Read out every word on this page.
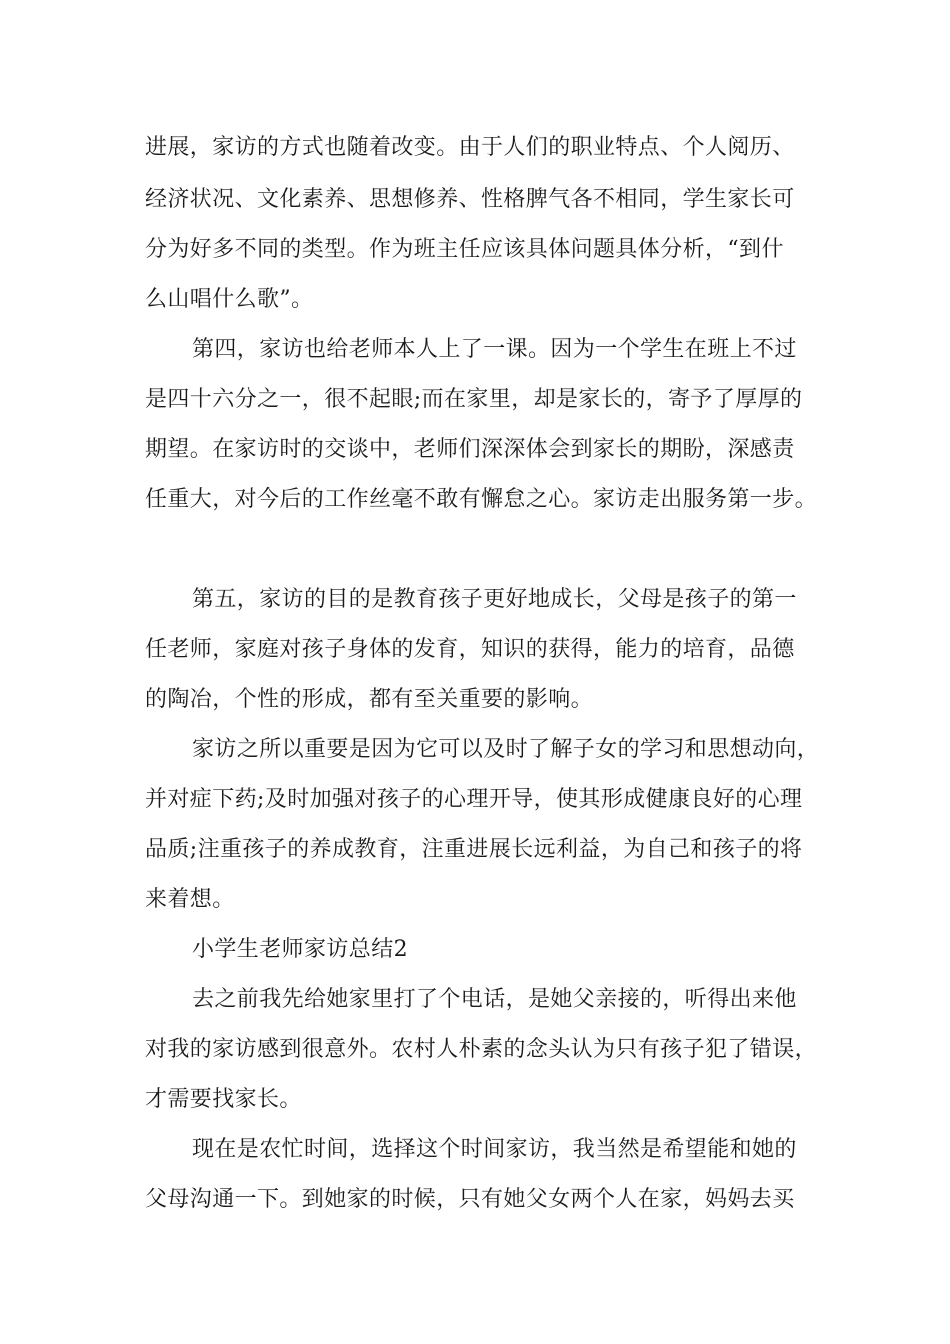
进展，家访的方式也随着改变。由于人们的职业特点、个人阅历、
经济状况、文化素养、思想修养、性格脾气各不相同，学生家长可
分为好多不同的类型。作为班主任应该具体问题具体分析，“到什
么山唱什么歌”。
第四，家访也给老师本人上了一课。因为一个学生在班上不过
是四十六分之一，很不起眼;而在家里，却是家长的，寄予了厚厚的
期望。在家访时的交谈中，老师们深深体会到家长的期盼，深感责
任重大，对今后的工作丝毫不敢有懈怠之心。家访走出服务第一步。
第五，家访的目的是教育孩子更好地成长，父母是孩子的第一
任老师，家庭对孩子身体的发育，知识的获得，能力的培育，品德
的陶冶，个性的形成，都有至关重要的影响。
家访之所以重要是因为它可以及时了解子女的学习和思想动向，
并对症下药;及时加强对孩子的心理开导，使其形成健康良好的心理
品质;注重孩子的养成教育，注重进展长远利益，为自己和孩子的将
来着想。
小学生老师家访总结2
去之前我先给她家里打了个电话，是她父亲接的，听得出来他
对我的家访感到很意外。农村人朴素的念头认为只有孩子犯了错误，
才需要找家长。
现在是农忙时间，选择这个时间家访，我当然是希望能和她的
父母沟通一下。到她家的时候，只有她父女两个人在家，妈妈去买
